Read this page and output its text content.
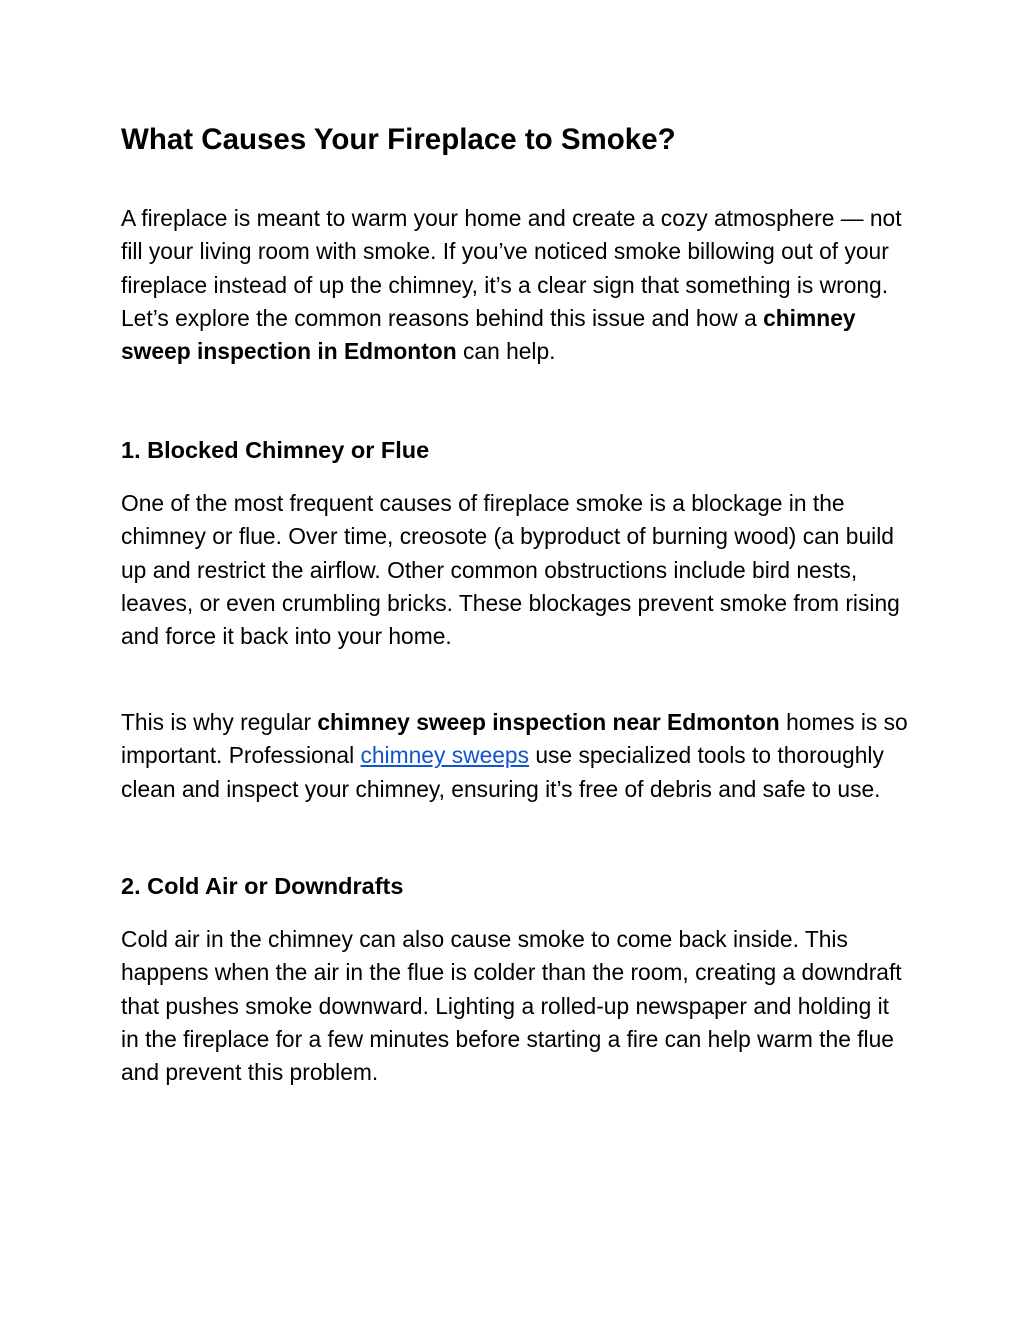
What Causes Your Fireplace to Smoke?

A fireplace is meant to warm your home and create a cozy atmosphere — not fill your living room with smoke. If you’ve noticed smoke billowing out of your fireplace instead of up the chimney, it’s a clear sign that something is wrong. Let’s explore the common reasons behind this issue and how a chimney sweep inspection in Edmonton can help.

1. Blocked Chimney or Flue

One of the most frequent causes of fireplace smoke is a blockage in the chimney or flue. Over time, creosote (a byproduct of burning wood) can build up and restrict the airflow. Other common obstructions include bird nests, leaves, or even crumbling bricks. These blockages prevent smoke from rising and force it back into your home.

This is why regular chimney sweep inspection near Edmonton homes is so important. Professional chimney sweeps use specialized tools to thoroughly clean and inspect your chimney, ensuring it’s free of debris and safe to use.

2. Cold Air or Downdrafts

Cold air in the chimney can also cause smoke to come back inside. This happens when the air in the flue is colder than the room, creating a downdraft that pushes smoke downward. Lighting a rolled-up newspaper and holding it in the fireplace for a few minutes before starting a fire can help warm the flue and prevent this problem.
